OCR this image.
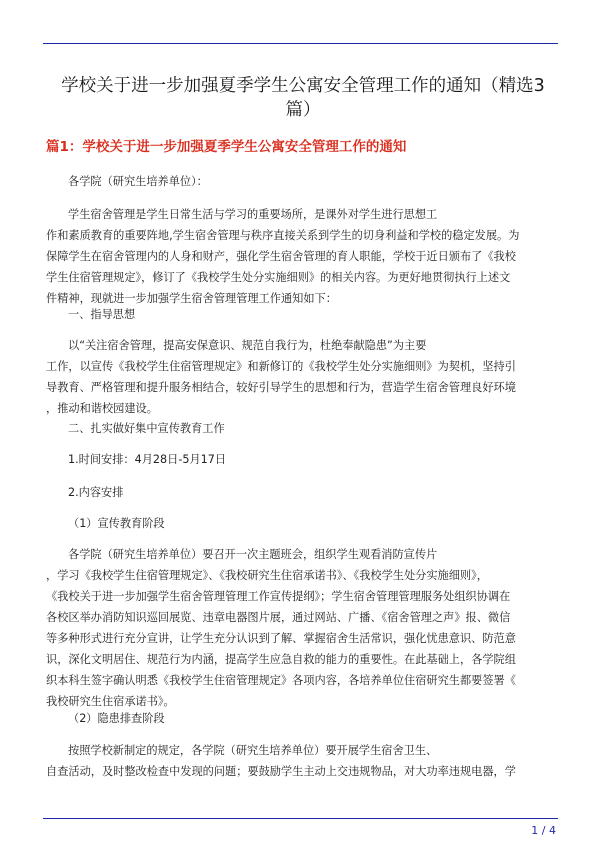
学校关于进一步加强夏季学生公寓安全管理工作的通知（精选3
篇）
篇1：学校关于进一步加强夏季学生公寓安全管理工作的通知

各学院（研究生培养单位）：

学生宿舍管理是学生日常生活与学习的重要场所，是课外对学生进行思想工
作和素质教育的重要阵地,学生宿舍管理与秩序直接关系到学生的切身利益和学校的稳定发展。为
保障学生在宿舍管理内的人身和财产，强化学生宿舍管理的育人职能，学校于近日颁布了《我校
学生住宿管理规定》，修订了《我校学生处分实施细则》的相关内容。为更好地贯彻执行上述文
件精神，现就进一步加强学生宿舍管理管理工作通知如下：

一、指导思想

以“关注宿舍管理，提高安保意识、规范自我行为，杜绝奉献隐患”为主要
工作，以宣传《我校学生住宿管理规定》和新修订的《我校学生处分实施细则》为契机，坚持引
导教育、严格管理和提升服务相结合，较好引导学生的思想和行为，营造学生宿舍管理良好环境
，推动和谐校园建设。

二、扎实做好集中宣传教育工作

1.时间安排：4月28日-5月17日

2.内容安排

（1）宣传教育阶段

各学院（研究生培养单位）要召开一次主题班会，组织学生观看消防宣传片
，学习《我校学生住宿管理规定》、《我校研究生住宿承诺书》、《我校学生处分实施细则》，
《我校关于进一步加强学生宿舍管理管理工作宣传提纲》；学生宿舍管理管理服务处组织协调在
各校区举办消防知识巡回展览、违章电器图片展，通过网站、广播、《宿舍管理之声》报、微信
等多种形式进行充分宣讲，让学生充分认识到了解、掌握宿舍生活常识，强化忧患意识、防范意
识，深化文明居住、规范行为内涵，提高学生应急自救的能力的重要性。在此基础上，各学院组
织本科生签字确认明悉《我校学生住宿管理规定》各项内容，各培养单位住宿研究生都要签署《
我校研究生住宿承诺书》。

（2）隐患排查阶段

按照学校新制定的规定，各学院（研究生培养单位）要开展学生宿舍卫生、
自查活动，及时整改检查中发现的问题；要鼓励学生主动上交违规物品，对大功率违规电器，学

1 / 4
